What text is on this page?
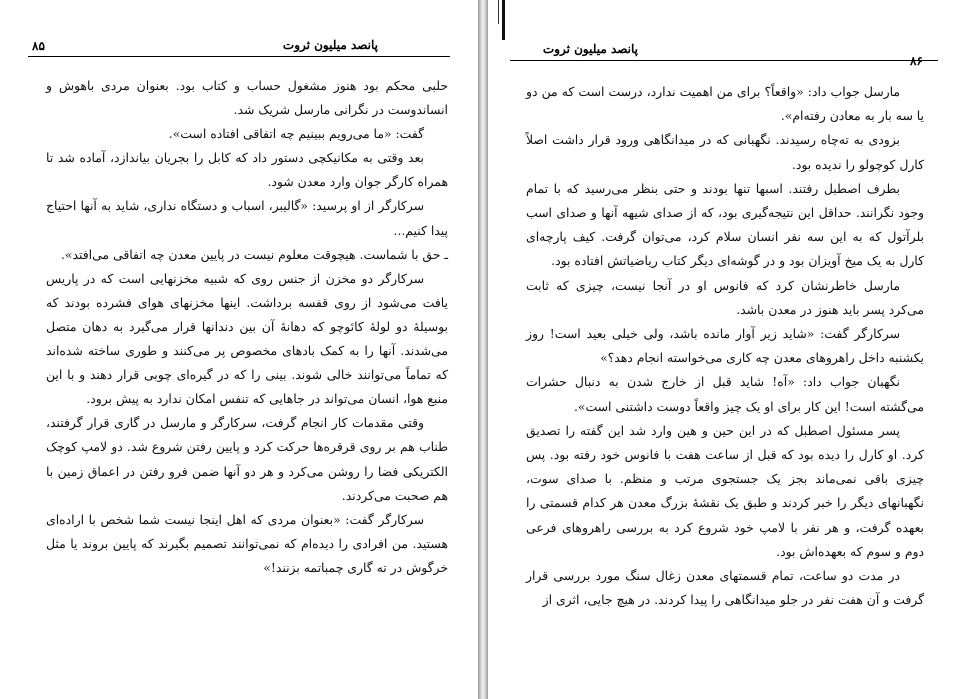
پانصد میلیون ثروت
۸۵

حلبی محکم بود هنوز مشغول حساب و کتاب بود. بعنوان مردی باهوش و انساندوست در نگرانی مارسل شریک شد.

گفت: «ما می‌رویم ببینیم چه اتفاقی افتاده است».

بعد وقتی به مکانیکچی دستور داد که کابل را بجریان بیاندازد، آماده شد تا همراه کارگر جوان وارد معدن شود.

سرکارگر از او پرسید: «گالیبر، اسباب و دستگاه نداری، شاید به آنها احتیاج پیدا کنیم...

ـ حق با شماست. هیچوقت معلوم نیست در پایین معدن چه اتفاقی می‌افتد».

سرکارگر دو مخزن از جنس روی که شبیه مخزنهایی است که در پاریس یافت می‌شود از روی قفسه برداشت. اینها مخزنهای هوای فشرده بودند که بوسیلهٔ دو لولهٔ کائوچو که دهانهٔ آن بین دندانها قرار می‌گیرد به دهان متصل می‌شدند. آنها را به کمک بادهای مخصوص پر می‌کنند و طوری ساخته شده‌اند که تماماً می‌توانند خالی شوند. بینی را که در گیره‌ای چوبی قرار دهند و با این منبع هوا، انسان می‌تواند در جاهایی که تنفس امکان ندارد به پیش برود.

وقتی مقدمات کار انجام گرفت، سرکارگر و مارسل در گاری قرار گرفتند، طناب هم بر روی قرقره‌ها حرکت کرد و پایین رفتن شروع شد. دو لامپ کوچک الکتریکی فضا را روشن می‌کرد و هر دو آنها ضمن فرو رفتن در اعماق زمین با هم صحبت می‌کردند.

سرکارگر گفت: «بعنوان مردی که اهل اینجا نیست شما شخص با اراده‌ای هستید. من افرادی را دیده‌ام که نمی‌توانند تصمیم بگیرند که پایین بروند یا مثل خرگوش در ته گاری چمباتمه بزنند!»

پانصد میلیون ثروت
۸۶

مارسل جواب داد: «واقعاً؟ برای من اهمیت ندارد، درست است که من دو یا سه بار به معادن رفته‌ام».

بزودی به ته‌چاه رسیدند. نگهبانی که در میدانگاهی ورود قرار داشت اصلاً کارل کوچولو را ندیده بود.

بطرف اصطبل رفتند. اسبها تنها بودند و حتی بنظر می‌رسید که با تمام وجود نگرانند. حداقل این نتیجه‌گیری بود، که از صدای شیهه آنها و صدای اسب بلرآتول که به این سه نفر انسان سلام کرد، می‌توان گرفت. کیف پارچه‌ای کارل به یک میخ آویزان بود و در گوشه‌ای دیگر کتاب ریاضیاتش افتاده بود.

مارسل خاطرنشان کرد که فانوس او در آنجا نیست، چیزی که ثابت می‌کرد پسر باید هنوز در معدن باشد.

سرکارگر گفت: «شاید زیر آوار مانده باشد، ولی خیلی بعید است! روز یکشنبه داخل راهروهای معدن چه کاری می‌خواسته انجام دهد؟»

نگهبان جواب داد: «آه! شاید قبل از خارج شدن به دنبال حشرات می‌گشته است! این کار برای او یک چیز واقعاً دوست داشتنی است».

پسر مسئول اصطبل که در این حین و هین وارد شد این گفته را تصدیق کرد. او کارل را دیده بود که قبل از ساعت هفت با فانوس خود رفته بود. پس چیزی باقی نمی‌ماند بجز یک جستجوی مرتب و منظم. با صدای سوت، نگهبانهای دیگر را خبر کردند و طبق یک نقشهٔ بزرگ معدن هر کدام قسمتی را بعهده گرفت، و هر نفر با لامپ خود شروع کرد به بررسی راهروهای فرعی دوم و سوم که بعهده‌اش بود.

در مدت دو ساعت، تمام قسمتهای معدن زغال سنگ مورد بررسی قرار گرفت و آن هفت نفر در جلو میدانگاهی را پیدا کردند. در هیچ جایی، اثری از
